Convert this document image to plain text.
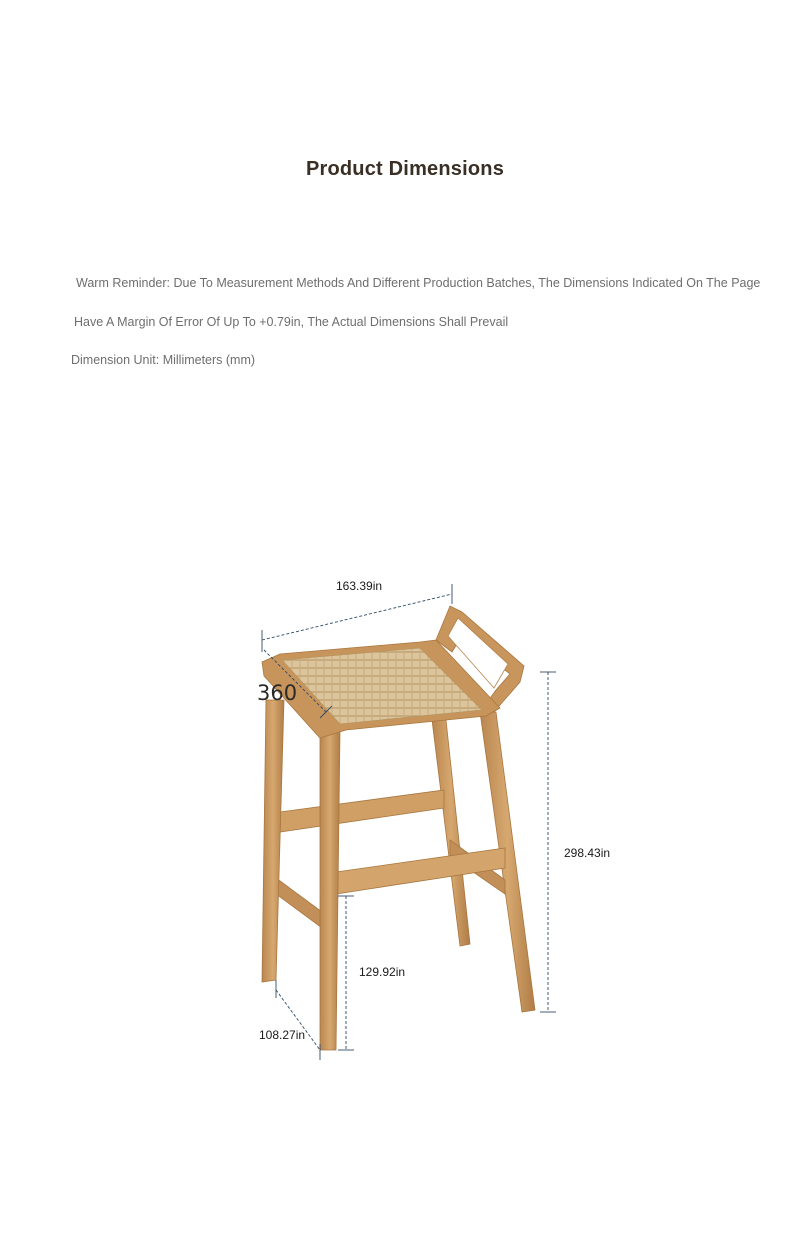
Product Dimensions
Warm Reminder: Due To Measurement Methods And Different Production Batches, The Dimensions Indicated On The Page
Have A Margin Of Error Of Up To +0.79in, The Actual Dimensions Shall Prevail
Dimension Unit: Millimeters (mm)
163.39in
360
298.43in
129.92in
108.27in
